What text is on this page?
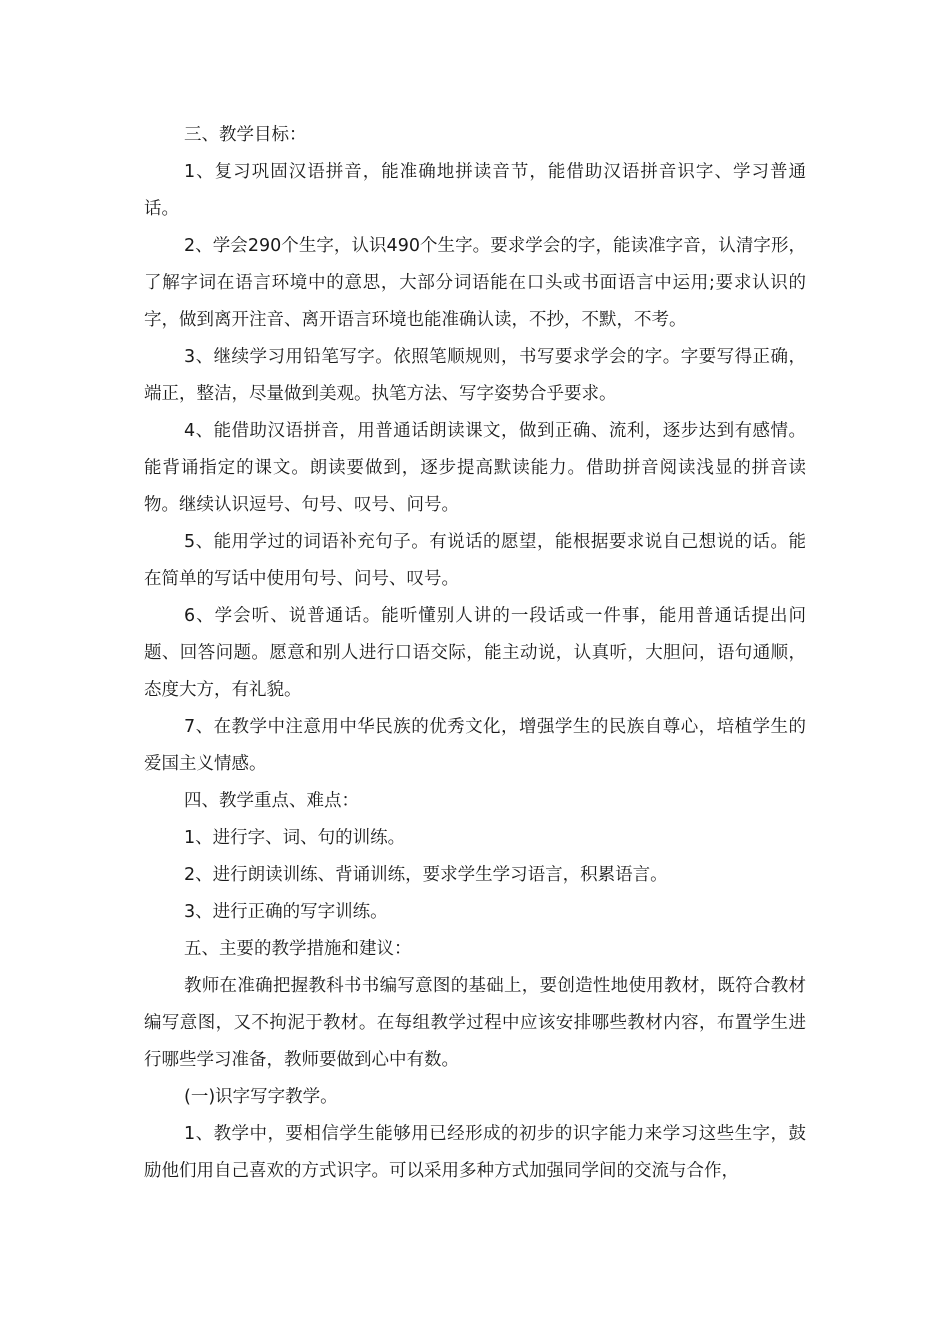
三、教学目标：

1、复习巩固汉语拼音，能准确地拼读音节，能借助汉语拼音识字、学习普通话。

2、学会290个生字，认识490个生字。要求学会的字，能读准字音，认清字形，了解字词在语言环境中的意思，大部分词语能在口头或书面语言中运用;要求认识的字，做到离开注音、离开语言环境也能准确认读，不抄，不默，不考。

3、继续学习用铅笔写字。依照笔顺规则，书写要求学会的字。字要写得正确，端正，整洁，尽量做到美观。执笔方法、写字姿势合乎要求。

4、能借助汉语拼音，用普通话朗读课文，做到正确、流利，逐步达到有感情。能背诵指定的课文。朗读要做到，逐步提高默读能力。借助拼音阅读浅显的拼音读物。继续认识逗号、句号、叹号、问号。

5、能用学过的词语补充句子。有说话的愿望，能根据要求说自己想说的话。能在简单的写话中使用句号、问号、叹号。

6、学会听、说普通话。能听懂别人讲的一段话或一件事，能用普通话提出问题、回答问题。愿意和别人进行口语交际，能主动说，认真听，大胆问，语句通顺，态度大方，有礼貌。

7、在教学中注意用中华民族的优秀文化，增强学生的民族自尊心，培植学生的爱国主义情感。

四、教学重点、难点：

1、进行字、词、句的训练。

2、进行朗读训练、背诵训练，要求学生学习语言，积累语言。

3、进行正确的写字训练。

五、主要的教学措施和建议：

教师在准确把握教科书书编写意图的基础上，要创造性地使用教材，既符合教材编写意图，又不拘泥于教材。在每组教学过程中应该安排哪些教材内容，布置学生进行哪些学习准备，教师要做到心中有数。

(一)识字写字教学。

1、教学中，要相信学生能够用已经形成的初步的识字能力来学习这些生字，鼓励他们用自己喜欢的方式识字。可以采用多种方式加强同学间的交流与合作，
